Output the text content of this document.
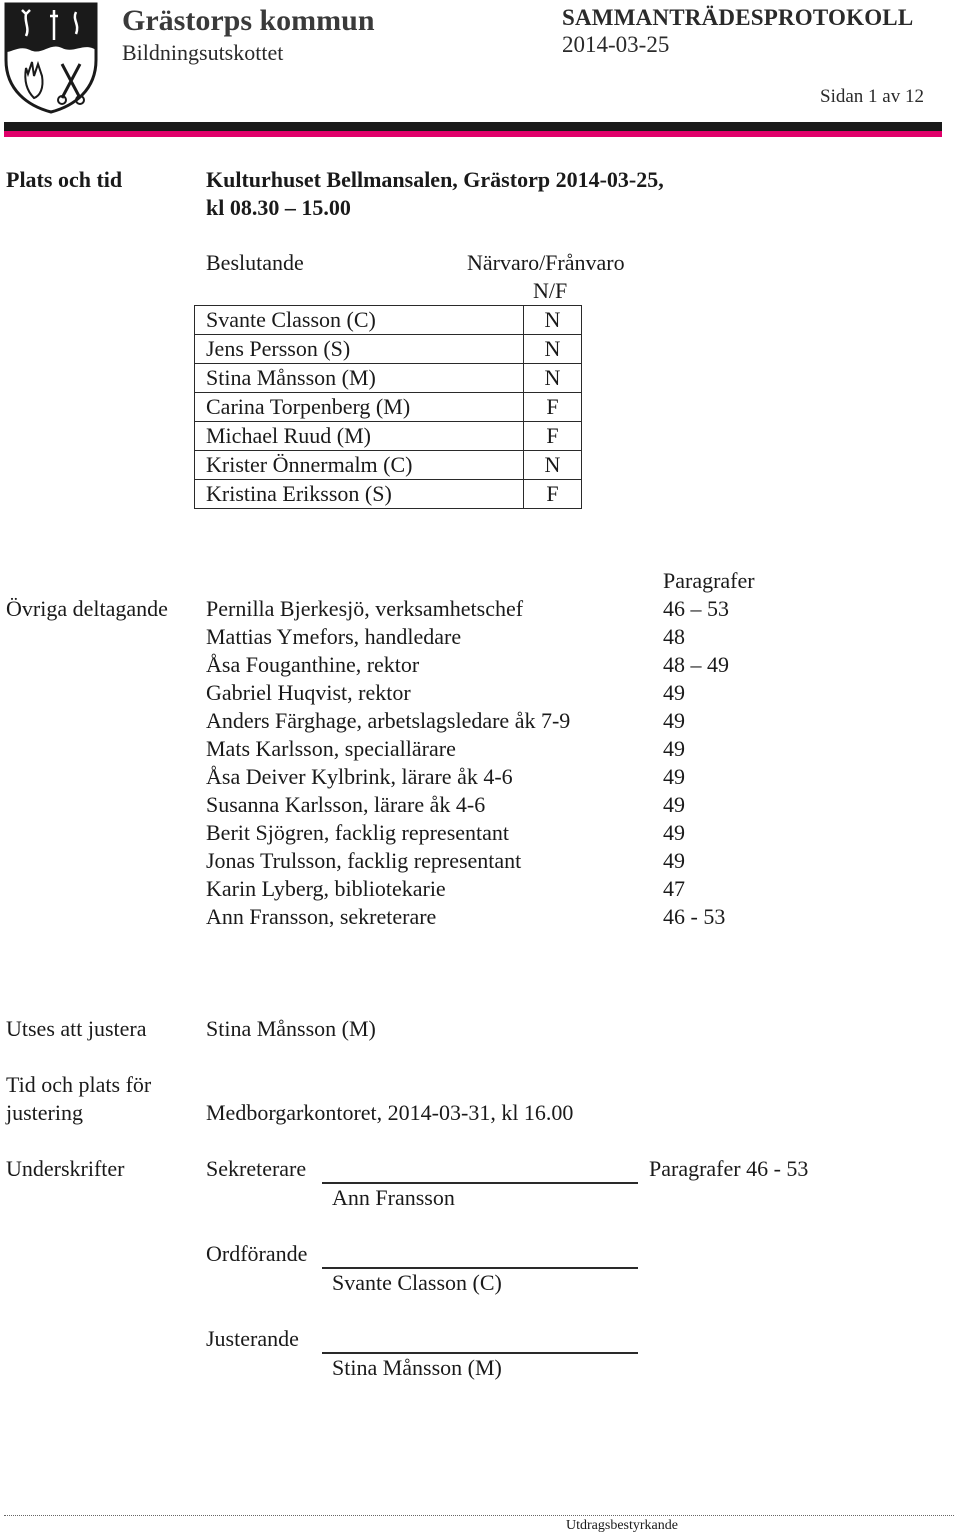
Grästorps kommun
Bildningsutskottet
SAMMANTRÄDESPROTOKOLL
2014-03-25
Sidan 1 av 12
Plats och tid	Kulturhuset Bellmansalen, Grästorp 2014-03-25,
kl 08.30 – 15.00
Beslutande	Närvaro/Frånvaro
N/F
Svante Classon (C)	N
Jens Persson (S)	N
Stina Månsson (M)	N
Carina Torpenberg (M)	F
Michael Ruud (M)	F
Krister Önnermalm (C)	N
Kristina Eriksson (S)	F
Paragrafer
Övriga deltagande Pernilla Bjerkesjö, verksamhetschef	46 – 53
Mattias Ymefors, handledare	48
Åsa Fouganthine, rektor	48 – 49
Gabriel Huqvist, rektor	49
Anders Färghage, arbetslagsledare åk 7-9	49
Mats Karlsson, speciallärare	49
Åsa Deiver Kylbrink, lärare åk 4-6	49
Susanna Karlsson, lärare åk 4-6	49
Berit Sjögren, facklig representant	49
Jonas Trulsson, facklig representant	49
Karin Lyberg, bibliotekarie	47
Ann Fransson, sekreterare	46 - 53
Utses att justera	Stina Månsson (M)
Tid och plats för
justering	Medborgarkontoret, 2014-03-31, kl 16.00
Underskrifter	Sekreterare	Paragrafer 46 - 53
Ann Fransson
Ordförande
Svante Classon (C)
Justerande
Stina Månsson (M)
Utdragsbestyrkande
